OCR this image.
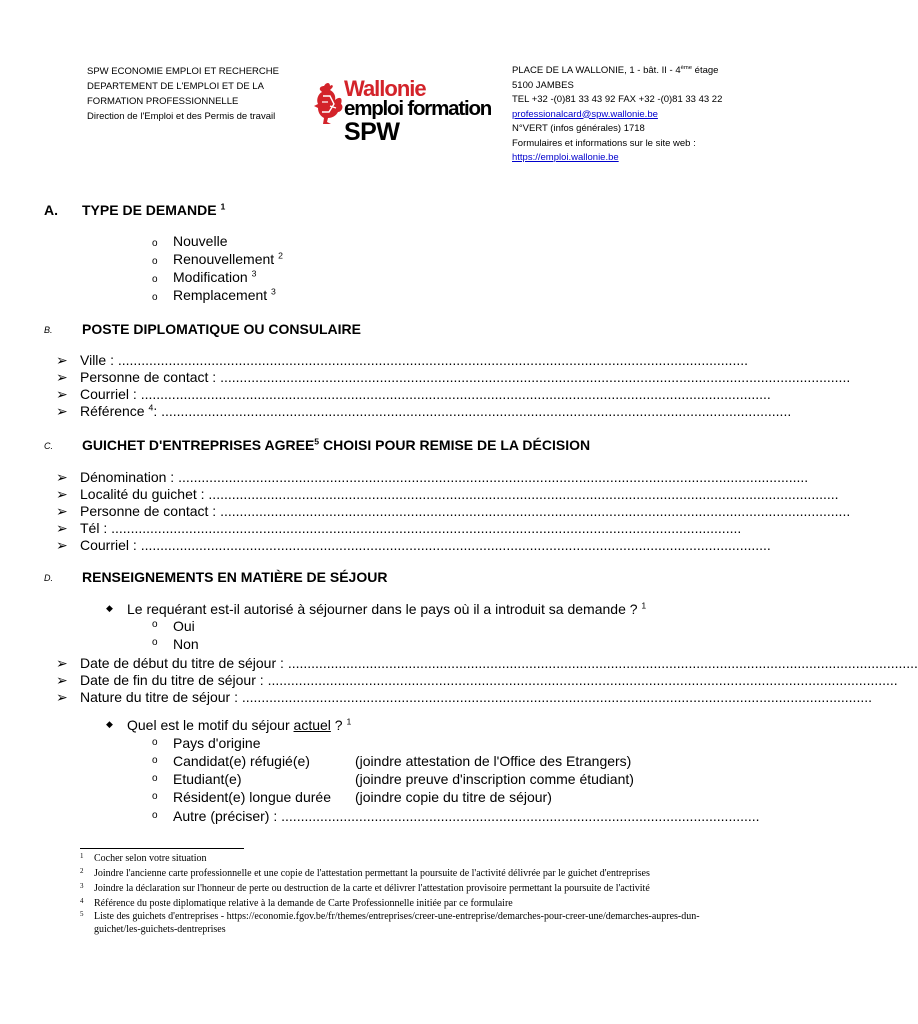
SPW ECONOMIE EMPLOI ET RECHERCHE
DEPARTEMENT DE L'EMPLOI ET DE LA
FORMATION PROFESSIONNELLE
Direction de l'Emploi et des Permis de travail
Wallonie
emploi formation
SPW
PLACE DE LA WALLONIE, 1 - bât. II - 4ème étage
5100 JAMBES
TEL +32 -(0)81 33 43 92 FAX +32 -(0)81 33 43 22
professionalcard@spw.wallonie.be
N°VERT (infos générales) 1718
Formulaires et informations sur le site web :
https://emploi.wallonie.be
A. TYPE DE DEMANDE $^1$
o Nouvelle
o Renouvellement $^2$
o Modification $^3$
o Remplacement $^3$
B. POSTE DIPLOMATIQUE OU CONSULAIRE
➢ Ville : ..................................................................................................................................................................
➢ Personne de contact : ..................................................................................................................................................................
➢ Courriel : ..................................................................................................................................................................
➢ Référence $^4$: ..................................................................................................................................................................
C. GUICHET D'ENTREPRISES AGREE$^5$ CHOISI POUR REMISE DE LA DÉCISION
➢ Dénomination : ..................................................................................................................................................................
➢ Localité du guichet : ..................................................................................................................................................................
➢ Personne de contact : ..................................................................................................................................................................
➢ Tél : ..................................................................................................................................................................
➢ Courriel : ..................................................................................................................................................................
D. RENSEIGNEMENTS EN MATIÈRE DE SÉJOUR
◆ Le requérant est-il autorisé à séjourner dans le pays où il a introduit sa demande ? $^1$
o Oui
o Non
➢ Date de début du titre de séjour : ..................................................................................................................................................................
➢ Date de fin du titre de séjour : ..................................................................................................................................................................
➢ Nature du titre de séjour : ..................................................................................................................................................................
◆ Quel est le motif du séjour actuel ? $^1$
o Pays d'origine
o Candidat(e) réfugié(e)	(joindre attestation de l'Office des Etrangers)
o Etudiant(e)	(joindre preuve d'inscription comme étudiant)
o Résident(e) longue durée (joindre copie du titre de séjour)
o Autre (préciser) : ...........................................................................................................................
1 Cocher selon votre situation
2 Joindre l'ancienne carte professionnelle et une copie de l'attestation permettant la poursuite de l'activité délivrée par le guichet d'entreprises
3 Joindre la déclaration sur l'honneur de perte ou destruction de la carte et délivrer l'attestation provisoire permettant la poursuite de l'activité
4 Référence du poste diplomatique relative à la demande de Carte Professionnelle initiée par ce formulaire
5 Liste des guichets d'entreprises - https://economie.fgov.be/fr/themes/entreprises/creer-une-entreprise/demarches-pour-creer-une/demarches-aupres-dun-guichet/les-guichets-dentreprises
